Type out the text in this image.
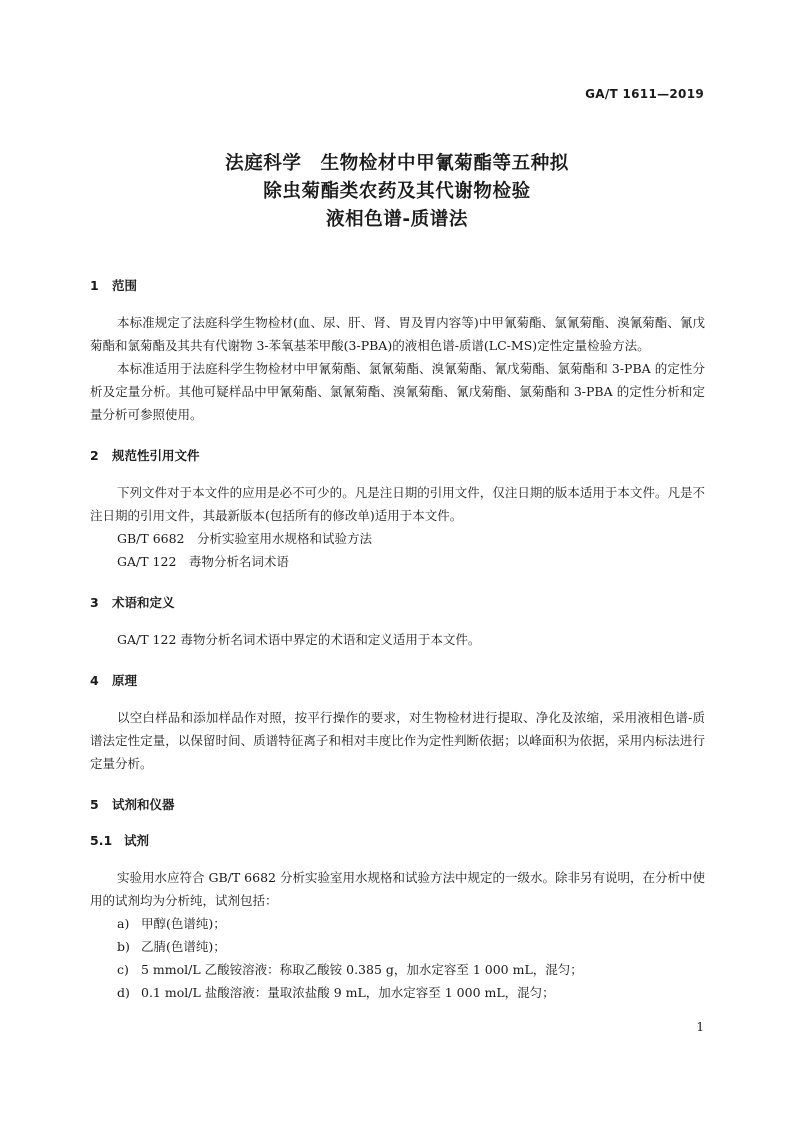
GA/T 1611—2019
法庭科学　生物检材中甲氰菊酯等五种拟
除虫菊酯类农药及其代谢物检验
液相色谱-质谱法
1 范围

本标准规定了法庭科学生物检材(血、尿、肝、肾、胃及胃内容等)中甲氰菊酯、氯氰菊酯、溴氰菊酯、氰戊菊酯和氯菊酯及其共有代谢物 3-苯氧基苯甲酸(3-PBA)的液相色谱-质谱(LC-MS)定性定量检验方法。

本标准适用于法庭科学生物检材中甲氰菊酯、氯氰菊酯、溴氰菊酯、氰戊菊酯、氯菊酯和 3-PBA 的定性分析及定量分析。其他可疑样品中甲氰菊酯、氯氰菊酯、溴氰菊酯、氰戊菊酯、氯菊酯和 3-PBA 的定性分析和定量分析可参照使用。

2 规范性引用文件

下列文件对于本文件的应用是必不可少的。凡是注日期的引用文件，仅注日期的版本适用于本文件。凡是不注日期的引用文件，其最新版本(包括所有的修改单)适用于本文件。

GB/T 6682　分析实验室用水规格和试验方法

GA/T 122　毒物分析名词术语

3 术语和定义

GA/T 122 毒物分析名词术语中界定的术语和定义适用于本文件。

4 原理

以空白样品和添加样品作对照，按平行操作的要求，对生物检材进行提取、净化及浓缩，采用液相色谱-质谱法定性定量，以保留时间、质谱特征离子和相对丰度比作为定性判断依据；以峰面积为依据，采用内标法进行定量分析。

5 试剂和仪器
5.1 试剂

实验用水应符合 GB/T 6682 分析实验室用水规格和试验方法中规定的一级水。除非另有说明，在分析中使用的试剂均为分析纯，试剂包括：

a) 甲醇(色谱纯)；

b) 乙腈(色谱纯)；

c) 5 mmol/L 乙酸铵溶液：称取乙酸铵 0.385 g，加水定容至 1 000 mL，混匀；

d) 0.1 mol/L 盐酸溶液：量取浓盐酸 9 mL，加水定容至 1 000 mL，混匀；

1
